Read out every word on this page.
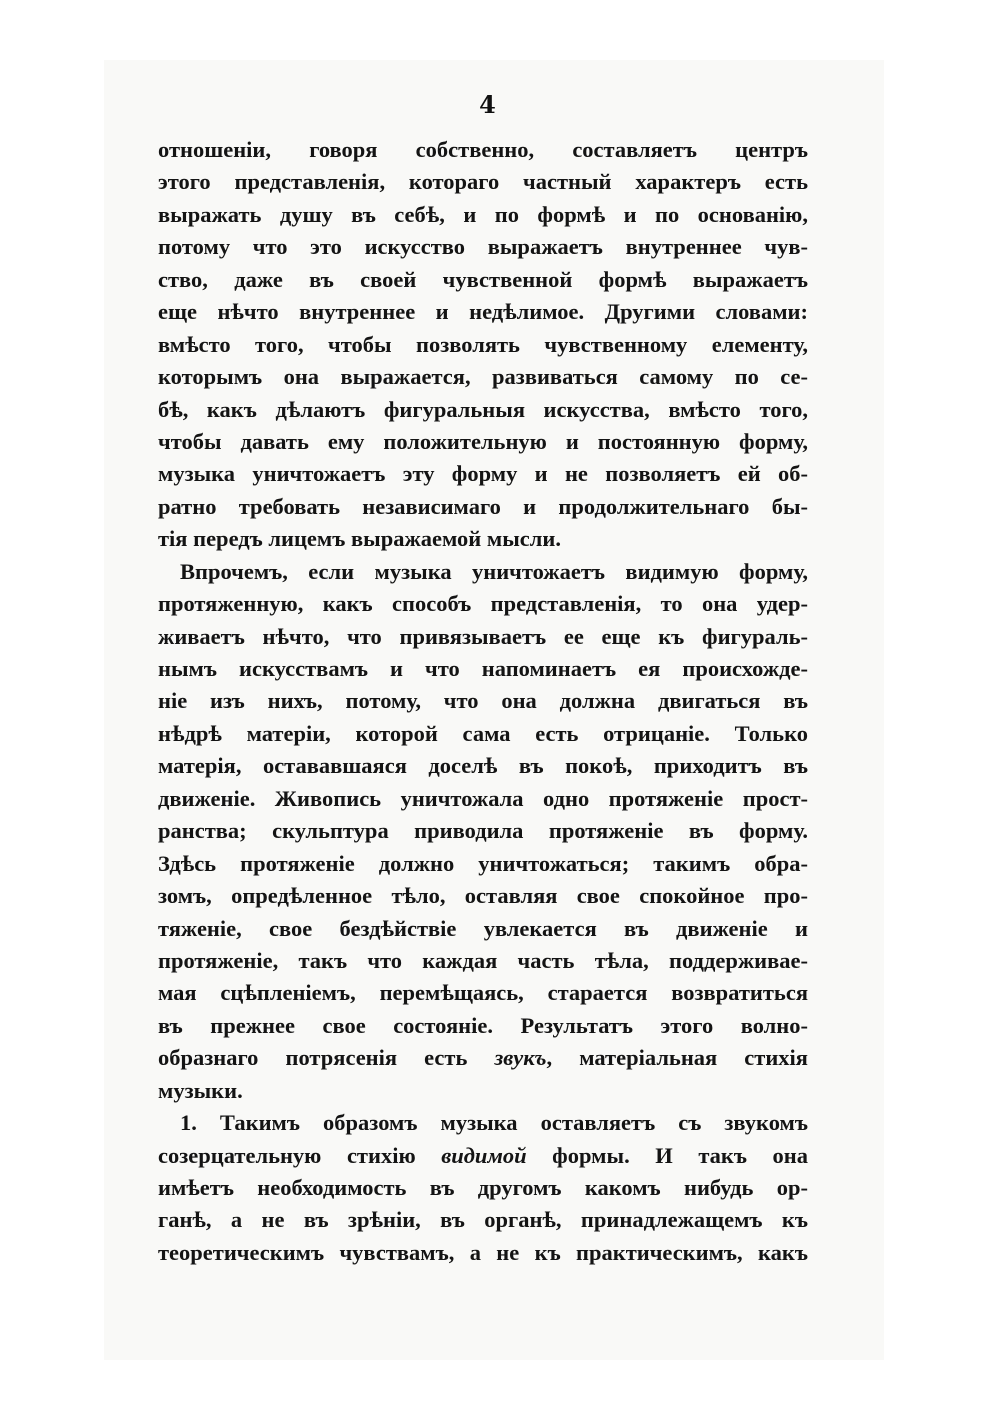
4
отношеніи, говоря собственно, составляетъ центръ
этого представленія, котораго частный характеръ есть
выражать душу въ себѣ, и по формѣ и по основанію,
потому что это искусство выражаетъ внутреннее чув-
ство, даже въ своей чувственной формѣ выражаетъ
еще нѣчто внутреннее и недѣлимое. Другими словами:
вмѣсто того, чтобы позволять чувственному елементу,
которымъ она выражается, развиваться самому по се-
бѣ, какъ дѣлаютъ фигуральныя искусства, вмѣсто того,
чтобы давать ему положительную и постоянную форму,
музыка уничтожаетъ эту форму и не позволяетъ ей об-
ратно требовать независимаго и продолжительнаго бы-
тія передъ лицемъ выражаемой мысли.
Впрочемъ, если музыка уничтожаетъ видимую форму,
протяженную, какъ способъ представленія, то она удер-
живаетъ нѣчто, что привязываетъ ее еще къ фигураль-
нымъ искусствамъ и что напоминаетъ ея происхожде-
ніе изъ нихъ, потому, что она должна двигаться въ
нѣдрѣ матеріи, которой сама есть отрицаніе. Только
матерія, остававшаяся доселѣ въ покоѣ, приходитъ въ
движеніе. Живопись уничтожала одно протяженіе прост-
ранства; скульптура приводила протяженіе въ форму.
Здѣсь протяженіе должно уничтожаться; такимъ обра-
зомъ, опредѣленное тѣло, оставляя свое спокойное про-
тяженіе, свое бездѣйствіе увлекается въ движеніе и
протяженіе, такъ что каждая часть тѣла, поддерживае-
мая сцѣпленіемъ, перемѣщаясь, старается возвратиться
въ прежнее свое состояніе. Результатъ этого волно-
образнаго потрясенія есть звукъ, матеріальная стихія
музыки.
1. Такимъ образомъ музыка оставляетъ съ звукомъ
созерцательную стихію видимой формы. И такъ она
имѣетъ необходимость въ другомъ какомъ нибудь ор-
ганѣ, а не въ зрѣніи, въ органѣ, принадлежащемъ къ
теоретическимъ чувствамъ, а не къ практическимъ, какъ
